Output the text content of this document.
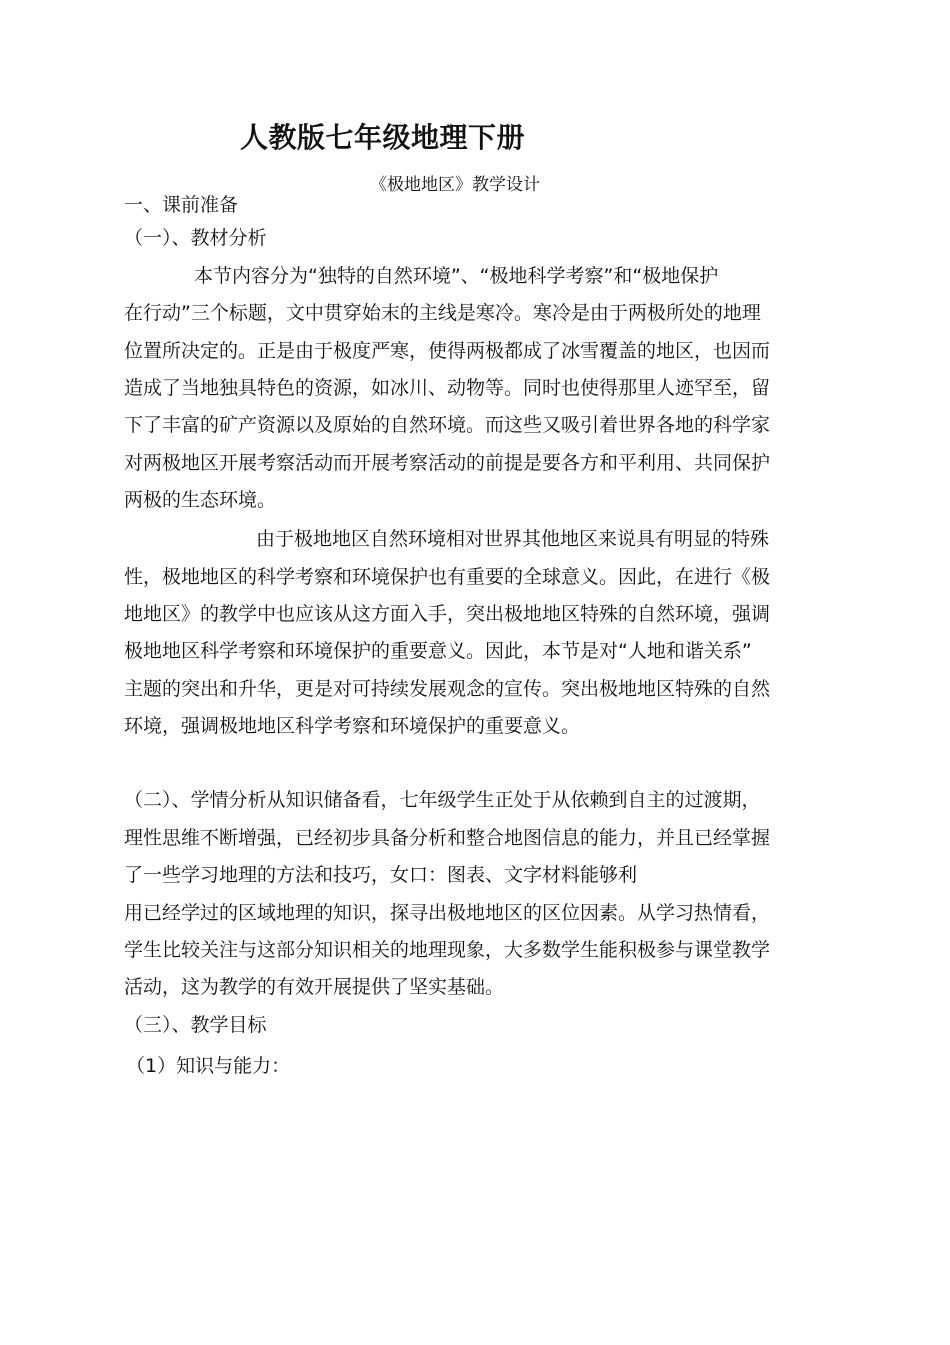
人教版七年级地理下册
《极地地区》教学设计
一、课前准备
（一）、教材分析
本节内容分为“独特的自然环境”、“极地科学考察”和“极地保护
在行动”三个标题，文中贯穿始末的主线是寒冷。寒冷是由于两极所处的地理
位置所决定的。正是由于极度严寒，使得两极都成了冰雪覆盖的地区，也因而
造成了当地独具特色的资源，如冰川、动物等。同时也使得那里人迹罕至，留
下了丰富的矿产资源以及原始的自然环境。而这些又吸引着世界各地的科学家
对两极地区开展考察活动而开展考察活动的前提是要各方和平利用、共同保护
两极的生态环境。
由于极地地区自然环境相对世界其他地区来说具有明显的特殊
性，极地地区的科学考察和环境保护也有重要的全球意义。因此，在进行《极
地地区》的教学中也应该从这方面入手，突出极地地区特殊的自然环境，强调
极地地区科学考察和环境保护的重要意义。因此，本节是对“人地和谐关系”
主题的突出和升华，更是对可持续发展观念的宣传。突出极地地区特殊的自然
环境，强调极地地区科学考察和环境保护的重要意义。
（二）、学情分析从知识储备看，七年级学生正处于从依赖到自主的过渡期，
理性思维不断增强，已经初步具备分析和整合地图信息的能力，并且已经掌握
了一些学习地理的方法和技巧，女口：图表、文字材料能够利
用已经学过的区域地理的知识，探寻出极地地区的区位因素。从学习热情看，
学生比较关注与这部分知识相关的地理现象，大多数学生能积极参与课堂教学
活动，这为教学的有效开展提供了坚实基础。
（三）、教学目标
（1）知识与能力：
